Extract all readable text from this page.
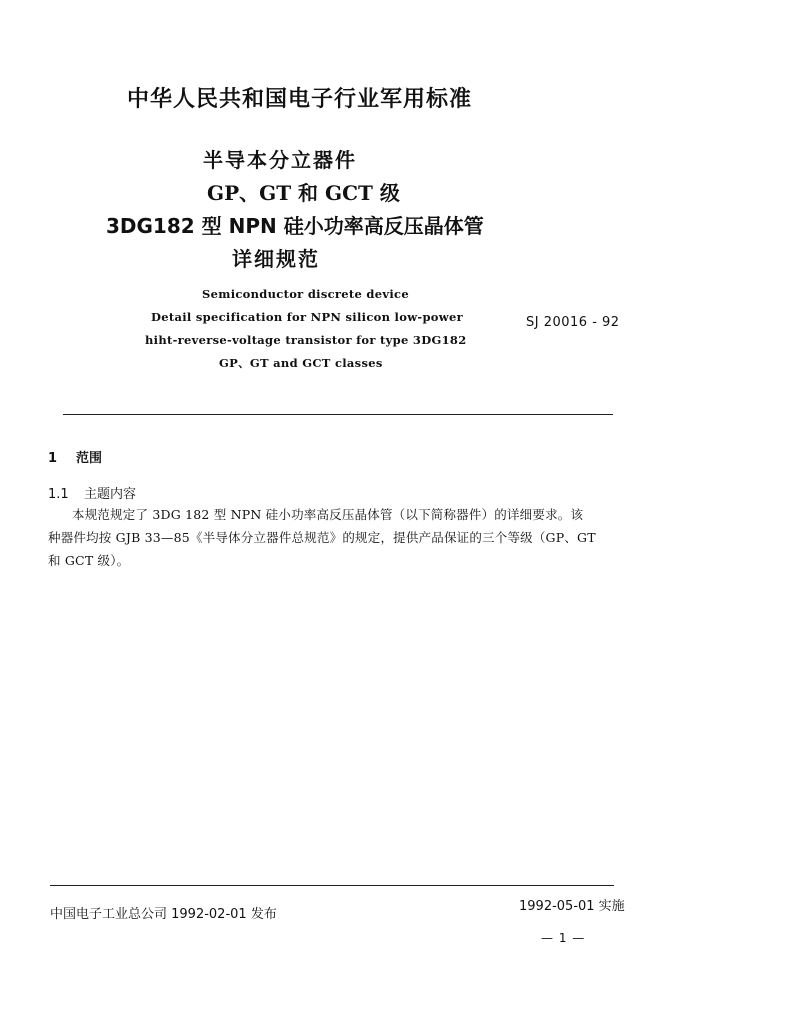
中华人民共和国电子行业军用标准
半导本分立器件
GP、GT 和 GCT 级
3DG182 型 NPN 硅小功率高反压晶体管
详细规范
Semiconductor discrete device
Detail specification for NPN silicon low-power
hiht-reverse-voltage transistor for type 3DG182
GP、GT and GCT classes
SJ 20016 - 92
1 范围
1.1 主题内容
本规范规定了 3DG 182 型 NPN 硅小功率高反压晶体管（以下简称器件）的详细要求。该
种器件均按 GJB 33—85《半导体分立器件总规范》的规定，提供产品保证的三个等级（GP、GT
和 GCT 级）。
中国电子工业总公司 1992-02-01 发布
1992-05-01 实施
— 1 —
